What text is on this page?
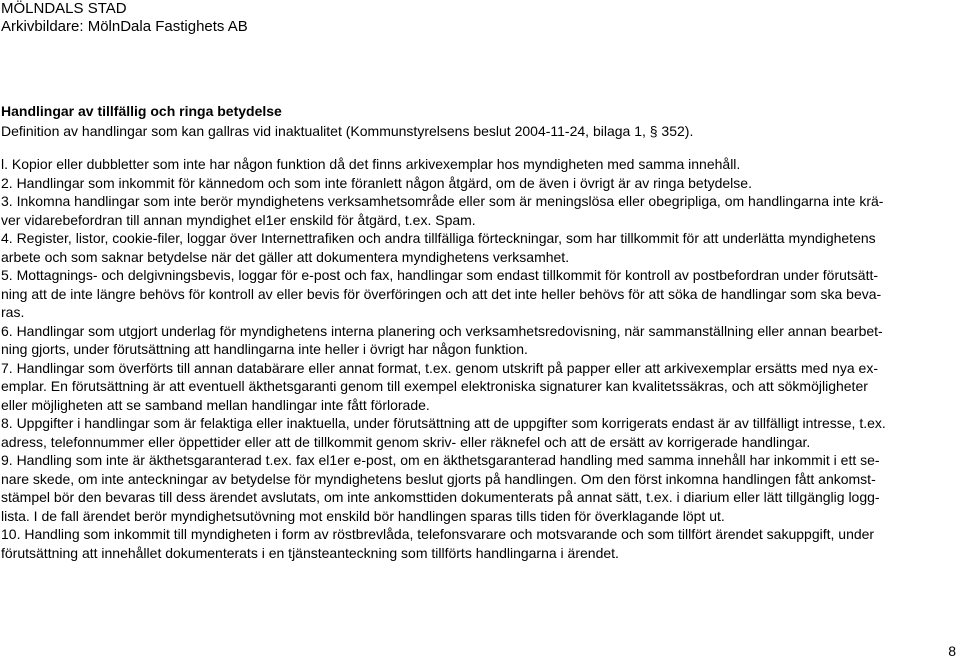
MÖLNDALS STAD
Arkivbildare: MölnDala Fastighets AB
Handlingar av tillfällig och ringa betydelse
Definition av handlingar som kan gallras vid inaktualitet (Kommunstyrelsens beslut 2004-11-24, bilaga 1, § 352).
l. Kopior eller dubbletter som inte har någon funktion då det finns arkivexemplar hos myndigheten med samma innehåll.
2. Handlingar som inkommit för kännedom och som inte föranlett någon åtgärd, om de även i övrigt är av ringa betydelse.
3. Inkomna handlingar som inte berör myndighetens verksamhetsområde eller som är meningslösa eller obegripliga, om handlingarna inte krä-
ver vidarebefordran till annan myndighet el1er enskild för åtgärd, t.ex. Spam.
4. Register, listor, cookie-filer, loggar över Internettrafiken och andra tillfälliga förteckningar, som har tillkommit för att underlätta myndighetens
arbete och som saknar betydelse när det gäller att dokumentera myndighetens verksamhet.
5. Mottagnings- och delgivningsbevis, loggar för e-post och fax, handlingar som endast tillkommit för kontroll av postbefordran under förutsätt-
ning att de inte längre behövs för kontroll av eller bevis för överföringen och att det inte heller behövs för att söka de handlingar som ska beva-
ras.
6. Handlingar som utgjort underlag för myndighetens interna planering och verksamhetsredovisning, när sammanställning eller annan bearbet-
ning gjorts, under förutsättning att handlingarna inte heller i övrigt har någon funktion.
7. Handlingar som överförts till annan databärare eller annat format, t.ex. genom utskrift på papper eller att arkivexemplar ersätts med nya ex-
emplar. En förutsättning är att eventuell äkthetsgaranti genom till exempel elektroniska signaturer kan kvalitetssäkras, och att sökmöjligheter
eller möjligheten att se samband mellan handlingar inte fått förlorade.
8. Uppgifter i handlingar som är felaktiga eller inaktuella, under förutsättning att de uppgifter som korrigerats endast är av tillfälligt intresse, t.ex.
adress, telefonnummer eller öppettider eller att de tillkommit genom skriv- eller räknefel och att de ersätt av korrigerade handlingar.
9. Handling som inte är äkthetsgaranterad t.ex. fax el1er e-post, om en äkthetsgaranterad handling med samma innehåll har inkommit i ett se-
nare skede, om inte anteckningar av betydelse för myndighetens beslut gjorts på handlingen. Om den först inkomna handlingen fått ankomst-
stämpel bör den bevaras till dess ärendet avslutats, om inte ankomsttiden dokumenterats på annat sätt, t.ex. i diarium eller lätt tillgänglig logg-
lista. I de fall ärendet berör myndighetsutövning mot enskild bör handlingen sparas tills tiden för överklagande löpt ut.
10. Handling som inkommit till myndigheten i form av röstbrevlåda, telefonsvarare och motsvarande och som tillfört ärendet sakuppgift, under
förutsättning att innehållet dokumenterats i en tjänsteanteckning som tillförts handlingarna i ärendet.
8
